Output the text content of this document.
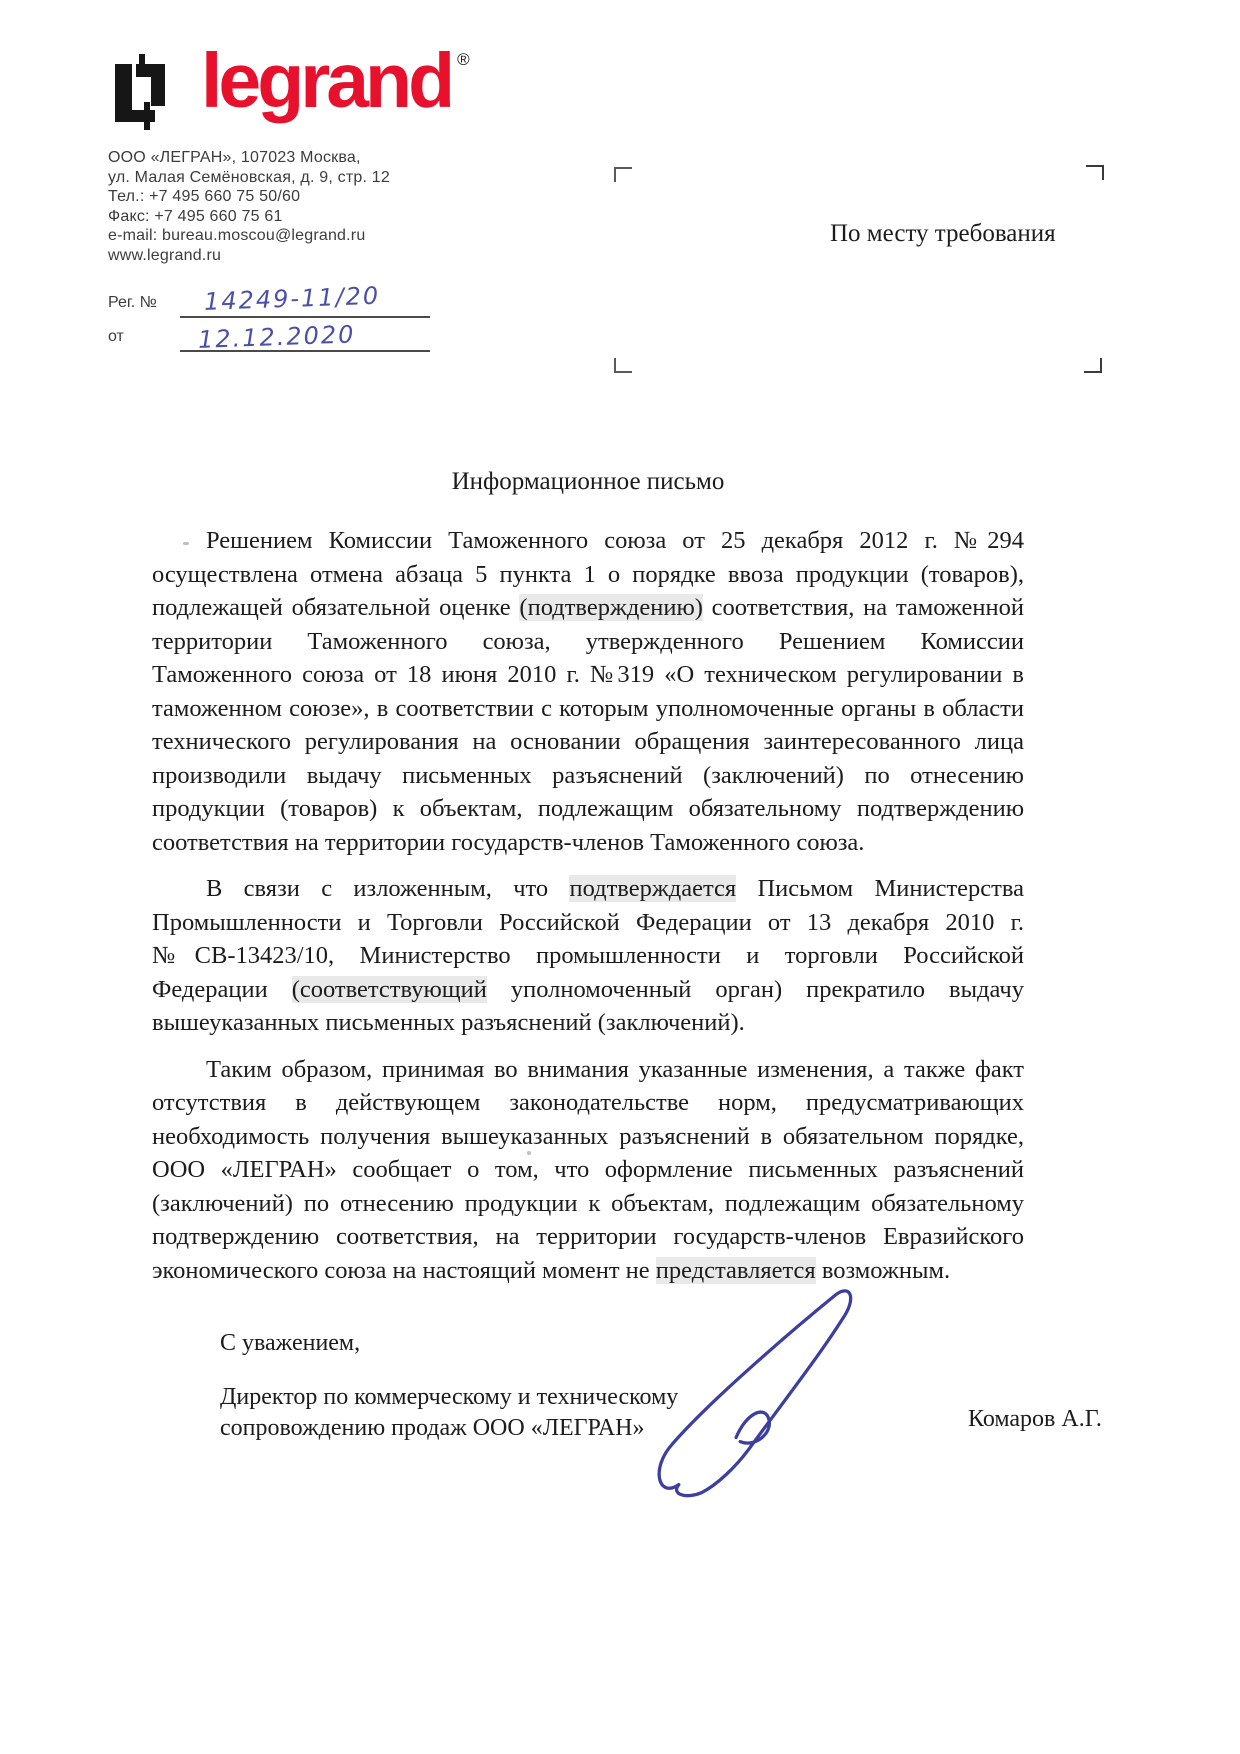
legrand ®
ООО «ЛЕГРАН», 107023 Москва,
ул. Малая Семёновская, д. 9, стр. 12
Тел.: +7 495 660 75 50/60
Факс: +7 495 660 75 61
e-mail: bureau.moscou@legrand.ru
www.legrand.ru
Рег. № 14249-11/20
от	12.12.2020
По месту требования
Информационное письмо

Решением Комиссии Таможенного союза от 25 декабря 2012 г. №294 осуществлена отмена абзаца 5 пункта 1 о порядке ввоза продукции (товаров), подлежащей обязательной оценке (подтверждению) соответствия, на таможенной территории Таможенного союза, утвержденного Решением Комиссии Таможенного союза от 18 июня 2010 г. №319 «О техническом регулировании в таможенном союзе», в соответствии с которым уполномоченные органы в области технического регулирования на основании обращения заинтересованного лица производили выдачу письменных разъяснений (заключений) по отнесению продукции (товаров) к объектам, подлежащим обязательному подтверждению соответствия на территории государств-членов Таможенного союза.

В связи с изложенным, что подтверждается Письмом Министерства Промышленности и Торговли Российской Федерации от 13 декабря 2010 г. №СВ-13423/10, Министерство промышленности и торговли Российской Федерации (соответствующий уполномоченный орган) прекратило выдачу вышеуказанных письменных разъяснений (заключений).

Таким образом, принимая во внимания указанные изменения, а также факт отсутствия в действующем законодательстве норм, предусматривающих необходимость получения вышеуказанных разъяснений в обязательном порядке, ООО «ЛЕГРАН» сообщает о том, что оформление письменных разъяснений (заключений) по отнесению продукции к объектам, подлежащим обязательному подтверждению соответствия, на территории государств-членов Евразийского экономического союза на настоящий момент не представляется возможным.

С уважением,
Директор по коммерческому и техническому
сопровождению продаж ООО «ЛЕГРАН»	Комаров А.Г.
